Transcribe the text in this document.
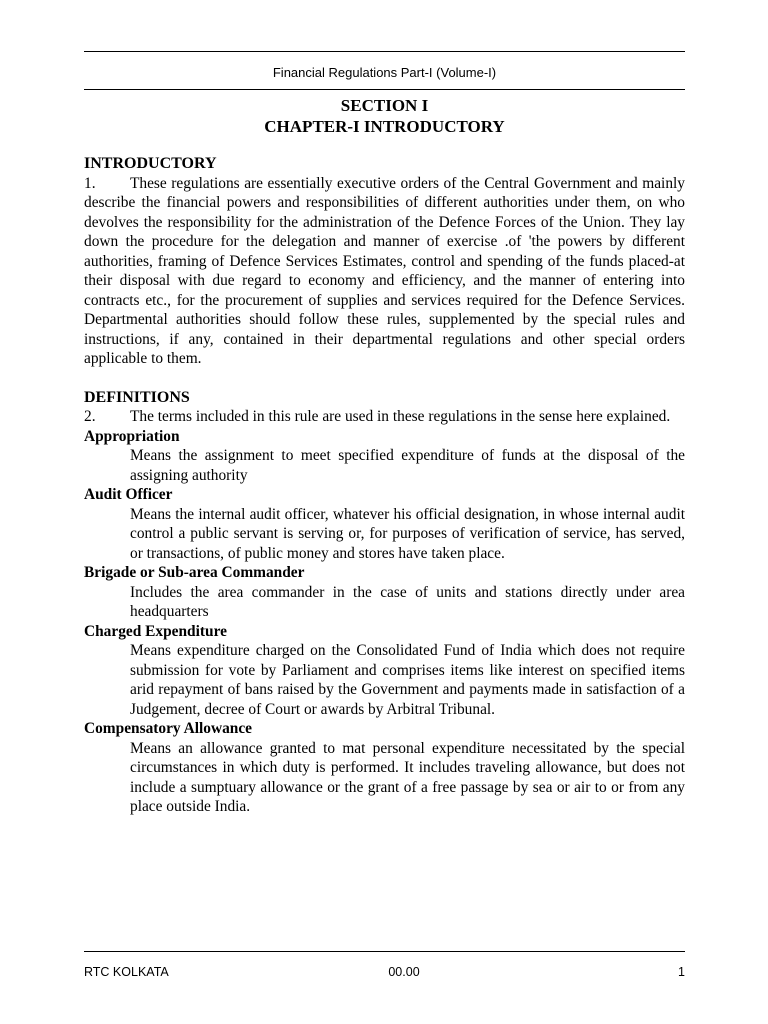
Financial Regulations Part-I (Volume-I)
SECTION I
CHAPTER-I INTRODUCTORY
INTRODUCTORY
1. These regulations are essentially executive orders of the Central Government and mainly describe the financial powers and responsibilities of different authorities under them, on who devolves the responsibility for the administration of the Defence Forces of the Union. They lay down the procedure for the delegation and manner of exercise .of 'the powers by different authorities, framing of Defence Services Estimates, control and spending of the funds placed-at their disposal with due regard to economy and efficiency, and the manner of entering into contracts etc., for the procurement of supplies and services required for the Defence Services. Departmental authorities should follow these rules, supplemented by the special rules and instructions, if any, contained in their departmental regulations and other special orders applicable to them.
DEFINITIONS
2. The terms included in this rule are used in these regulations in the sense here explained.
Appropriation
Means the assignment to meet specified expenditure of funds at the disposal of the assigning authority
Audit Officer
Means the internal audit officer, whatever his official designation, in whose internal audit control a public servant is serving or, for purposes of verification of service, has served, or transactions, of public money and stores have taken place.
Brigade or Sub-area Commander
Includes the area commander in the case of units and stations directly under area headquarters
Charged Expenditure
Means expenditure charged on the Consolidated Fund of India which does not require submission for vote by Parliament and comprises items like interest on specified items arid repayment of bans raised by the Government and payments made in satisfaction of a Judgement, decree of Court or awards by Arbitral Tribunal.
Compensatory Allowance
Means an allowance granted to mat personal expenditure necessitated by the special circumstances in which duty is performed. It includes traveling allowance, but does not include a sumptuary allowance or the grant of a free passage by sea or air to or from any place outside India.
RTC KOLKATA	00.00	1
